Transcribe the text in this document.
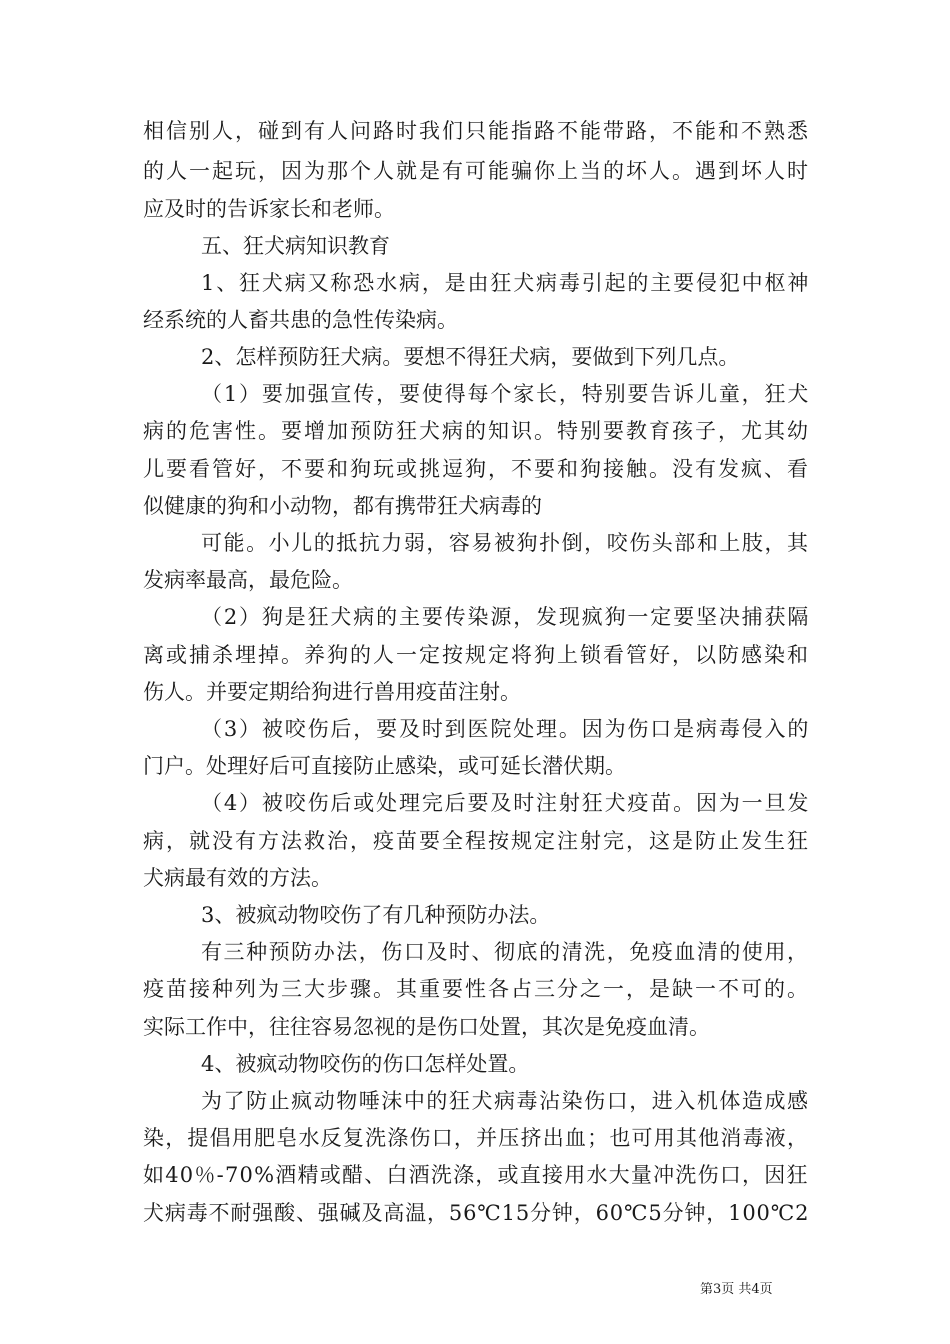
相信别人，碰到有人问路时我们只能指路不能带路，不能和不熟悉
的人一起玩，因为那个人就是有可能骗你上当的坏人。遇到坏人时
应及时的告诉家长和老师。
五、狂犬病知识教育
1、狂犬病又称恐水病，是由狂犬病毒引起的主要侵犯中枢神
经系统的人畜共患的急性传染病。
2、怎样预防狂犬病。要想不得狂犬病，要做到下列几点。
（1）要加强宣传，要使得每个家长，特别要告诉儿童，狂犬
病的危害性。要增加预防狂犬病的知识。特别要教育孩子，尤其幼
儿要看管好，不要和狗玩或挑逗狗，不要和狗接触。没有发疯、看
似健康的狗和小动物，都有携带狂犬病毒的
可能。小儿的抵抗力弱，容易被狗扑倒，咬伤头部和上肢，其
发病率最高，最危险。
（2）狗是狂犬病的主要传染源，发现疯狗一定要坚决捕获隔
离或捕杀埋掉。养狗的人一定按规定将狗上锁看管好，以防感染和
伤人。并要定期给狗进行兽用疫苗注射。
（3）被咬伤后，要及时到医院处理。因为伤口是病毒侵入的
门户。处理好后可直接防止感染，或可延长潜伏期。
（4）被咬伤后或处理完后要及时注射狂犬疫苗。因为一旦发
病，就没有方法救治，疫苗要全程按规定注射完，这是防止发生狂
犬病最有效的方法。
3、被疯动物咬伤了有几种预防办法。
有三种预防办法，伤口及时、彻底的清洗，免疫血清的使用，
疫苗接种列为三大步骤。其重要性各占三分之一，是缺一不可的。
实际工作中，往往容易忽视的是伤口处置，其次是免疫血清。
4、被疯动物咬伤的伤口怎样处置。
为了防止疯动物唾沫中的狂犬病毒沾染伤口，进入机体造成感
染，提倡用肥皂水反复洗涤伤口，并压挤出血；也可用其他消毒液，
如40％-70%酒精或醋、白酒洗涤，或直接用水大量冲洗伤口，因狂
犬病毒不耐强酸、强碱及高温，56℃15分钟，60℃5分钟，100℃2
第3页 共4页
